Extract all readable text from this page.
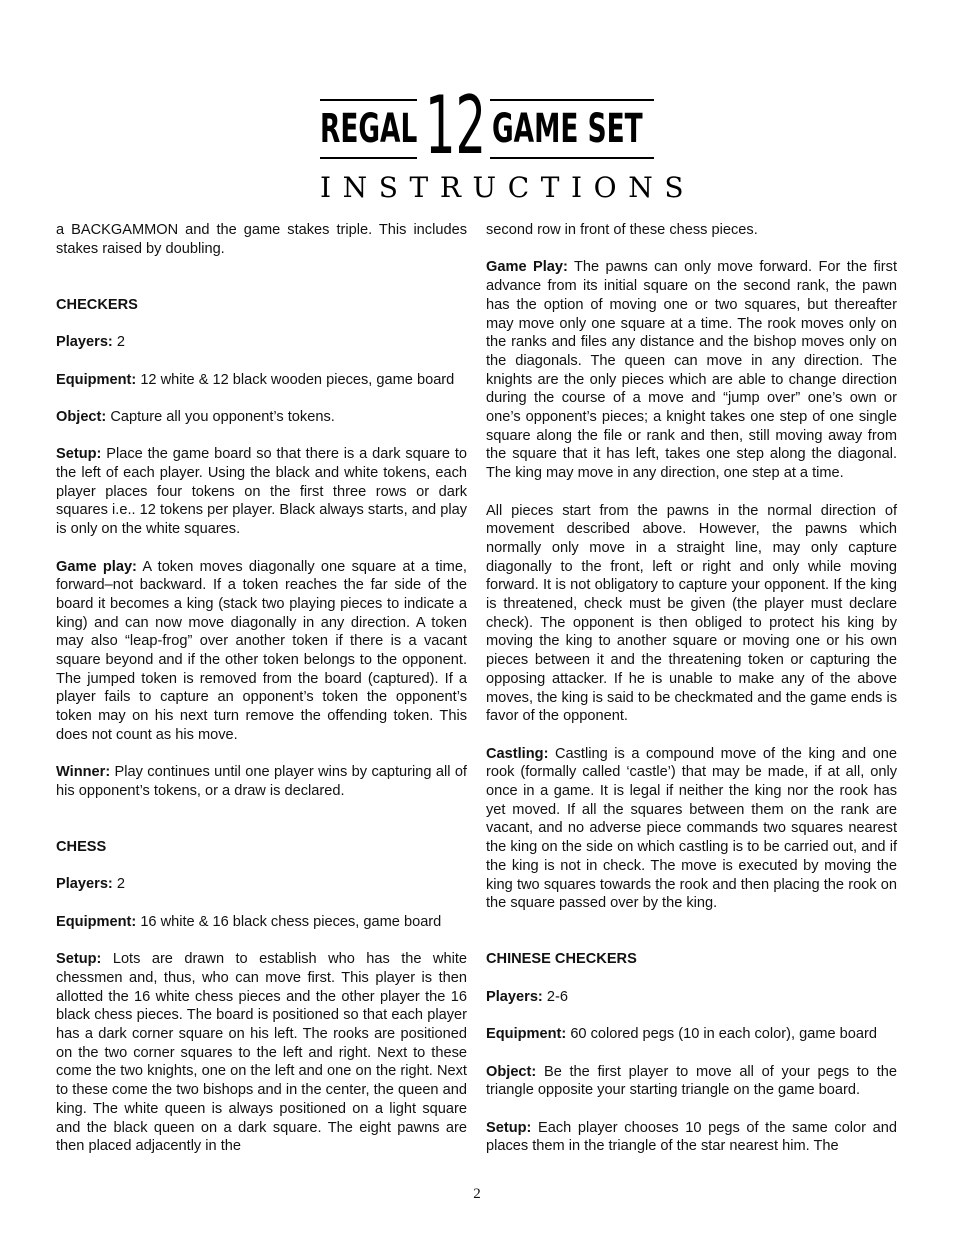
REGAL 12 GAME SET
INSTRUCTIONS

a BACKGAMMON and the game stakes triple. This includes stakes raised by doubling.

CHECKERS

Players: 2

Equipment: 12 white & 12 black wooden pieces, game board

Object: Capture all you opponent’s tokens.

Setup: Place the game board so that there is a dark square to the left of each player. Using the black and white tokens, each player places four tokens on the first three rows or dark squares i.e.. 12 tokens per player. Black always starts, and play is only on the white squares.

Game play: A token moves diagonally one square at a time, forward–not backward. If a token reaches the far side of the board it becomes a king (stack two playing pieces to indicate a king) and can now move diagonally in any direction. A token may also “leap-frog” over another token if there is a vacant square beyond and if the other token belongs to the opponent. The jumped token is removed from the board (captured). If a player fails to capture an opponent’s token the opponent’s token may on his next turn remove the offending token. This does not count as his move.

Winner: Play continues until one player wins by capturing all of his opponent’s tokens, or a draw is declared.

CHESS

Players: 2

Equipment: 16 white & 16 black chess pieces, game board

Setup: Lots are drawn to establish who has the white chessmen and, thus, who can move first. This player is then allotted the 16 white chess pieces and the other player the 16 black chess pieces. The board is positioned so that each player has a dark corner square on his left. The rooks are positioned on the two corner squares to the left and right. Next to these come the two knights, one on the left and one on the right. Next to these come the two bishops and in the center, the queen and king. The white queen is always positioned on a light square and the black queen on a dark square. The eight pawns are then placed adjacently in the

second row in front of these chess pieces.

Game Play: The pawns can only move forward. For the first advance from its initial square on the second rank, the pawn has the option of moving one or two squares, but thereafter may move only one square at a time. The rook moves only on the ranks and files any distance and the bishop moves only on the diagonals. The queen can move in any direction. The knights are the only pieces which are able to change direction during the course of a move and “jump over” one’s own or one’s opponent’s pieces; a knight takes one step of one single square along the file or rank and then, still moving away from the square that it has left, takes one step along the diagonal. The king may move in any direction, one step at a time.

All pieces start from the pawns in the normal direction of movement described above. However, the pawns which normally only move in a straight line, may only capture diagonally to the front, left or right and only while moving forward. It is not obligatory to capture your opponent. If the king is threatened, check must be given (the player must declare check). The opponent is then obliged to protect his king by moving the king to another square or moving one or his own pieces between it and the threatening token or capturing the opposing attacker. If he is unable to make any of the above moves, the king is said to be checkmated and the game ends is favor of the opponent.

Castling: Castling is a compound move of the king and one rook (formally called ‘castle’) that may be made, if at all, only once in a game. It is legal if neither the king nor the rook has yet moved. If all the squares between them on the rank are vacant, and no adverse piece commands two squares nearest the king on the side on which castling is to be carried out, and if the king is not in check. The move is executed by moving the king two squares towards the rook and then placing the rook on the square passed over by the king.

CHINESE CHECKERS

Players: 2-6

Equipment: 60 colored pegs (10 in each color), game board

Object: Be the first player to move all of your pegs to the triangle opposite your starting triangle on the game board.

Setup: Each player chooses 10 pegs of the same color and places them in the triangle of the star nearest him. The

2
